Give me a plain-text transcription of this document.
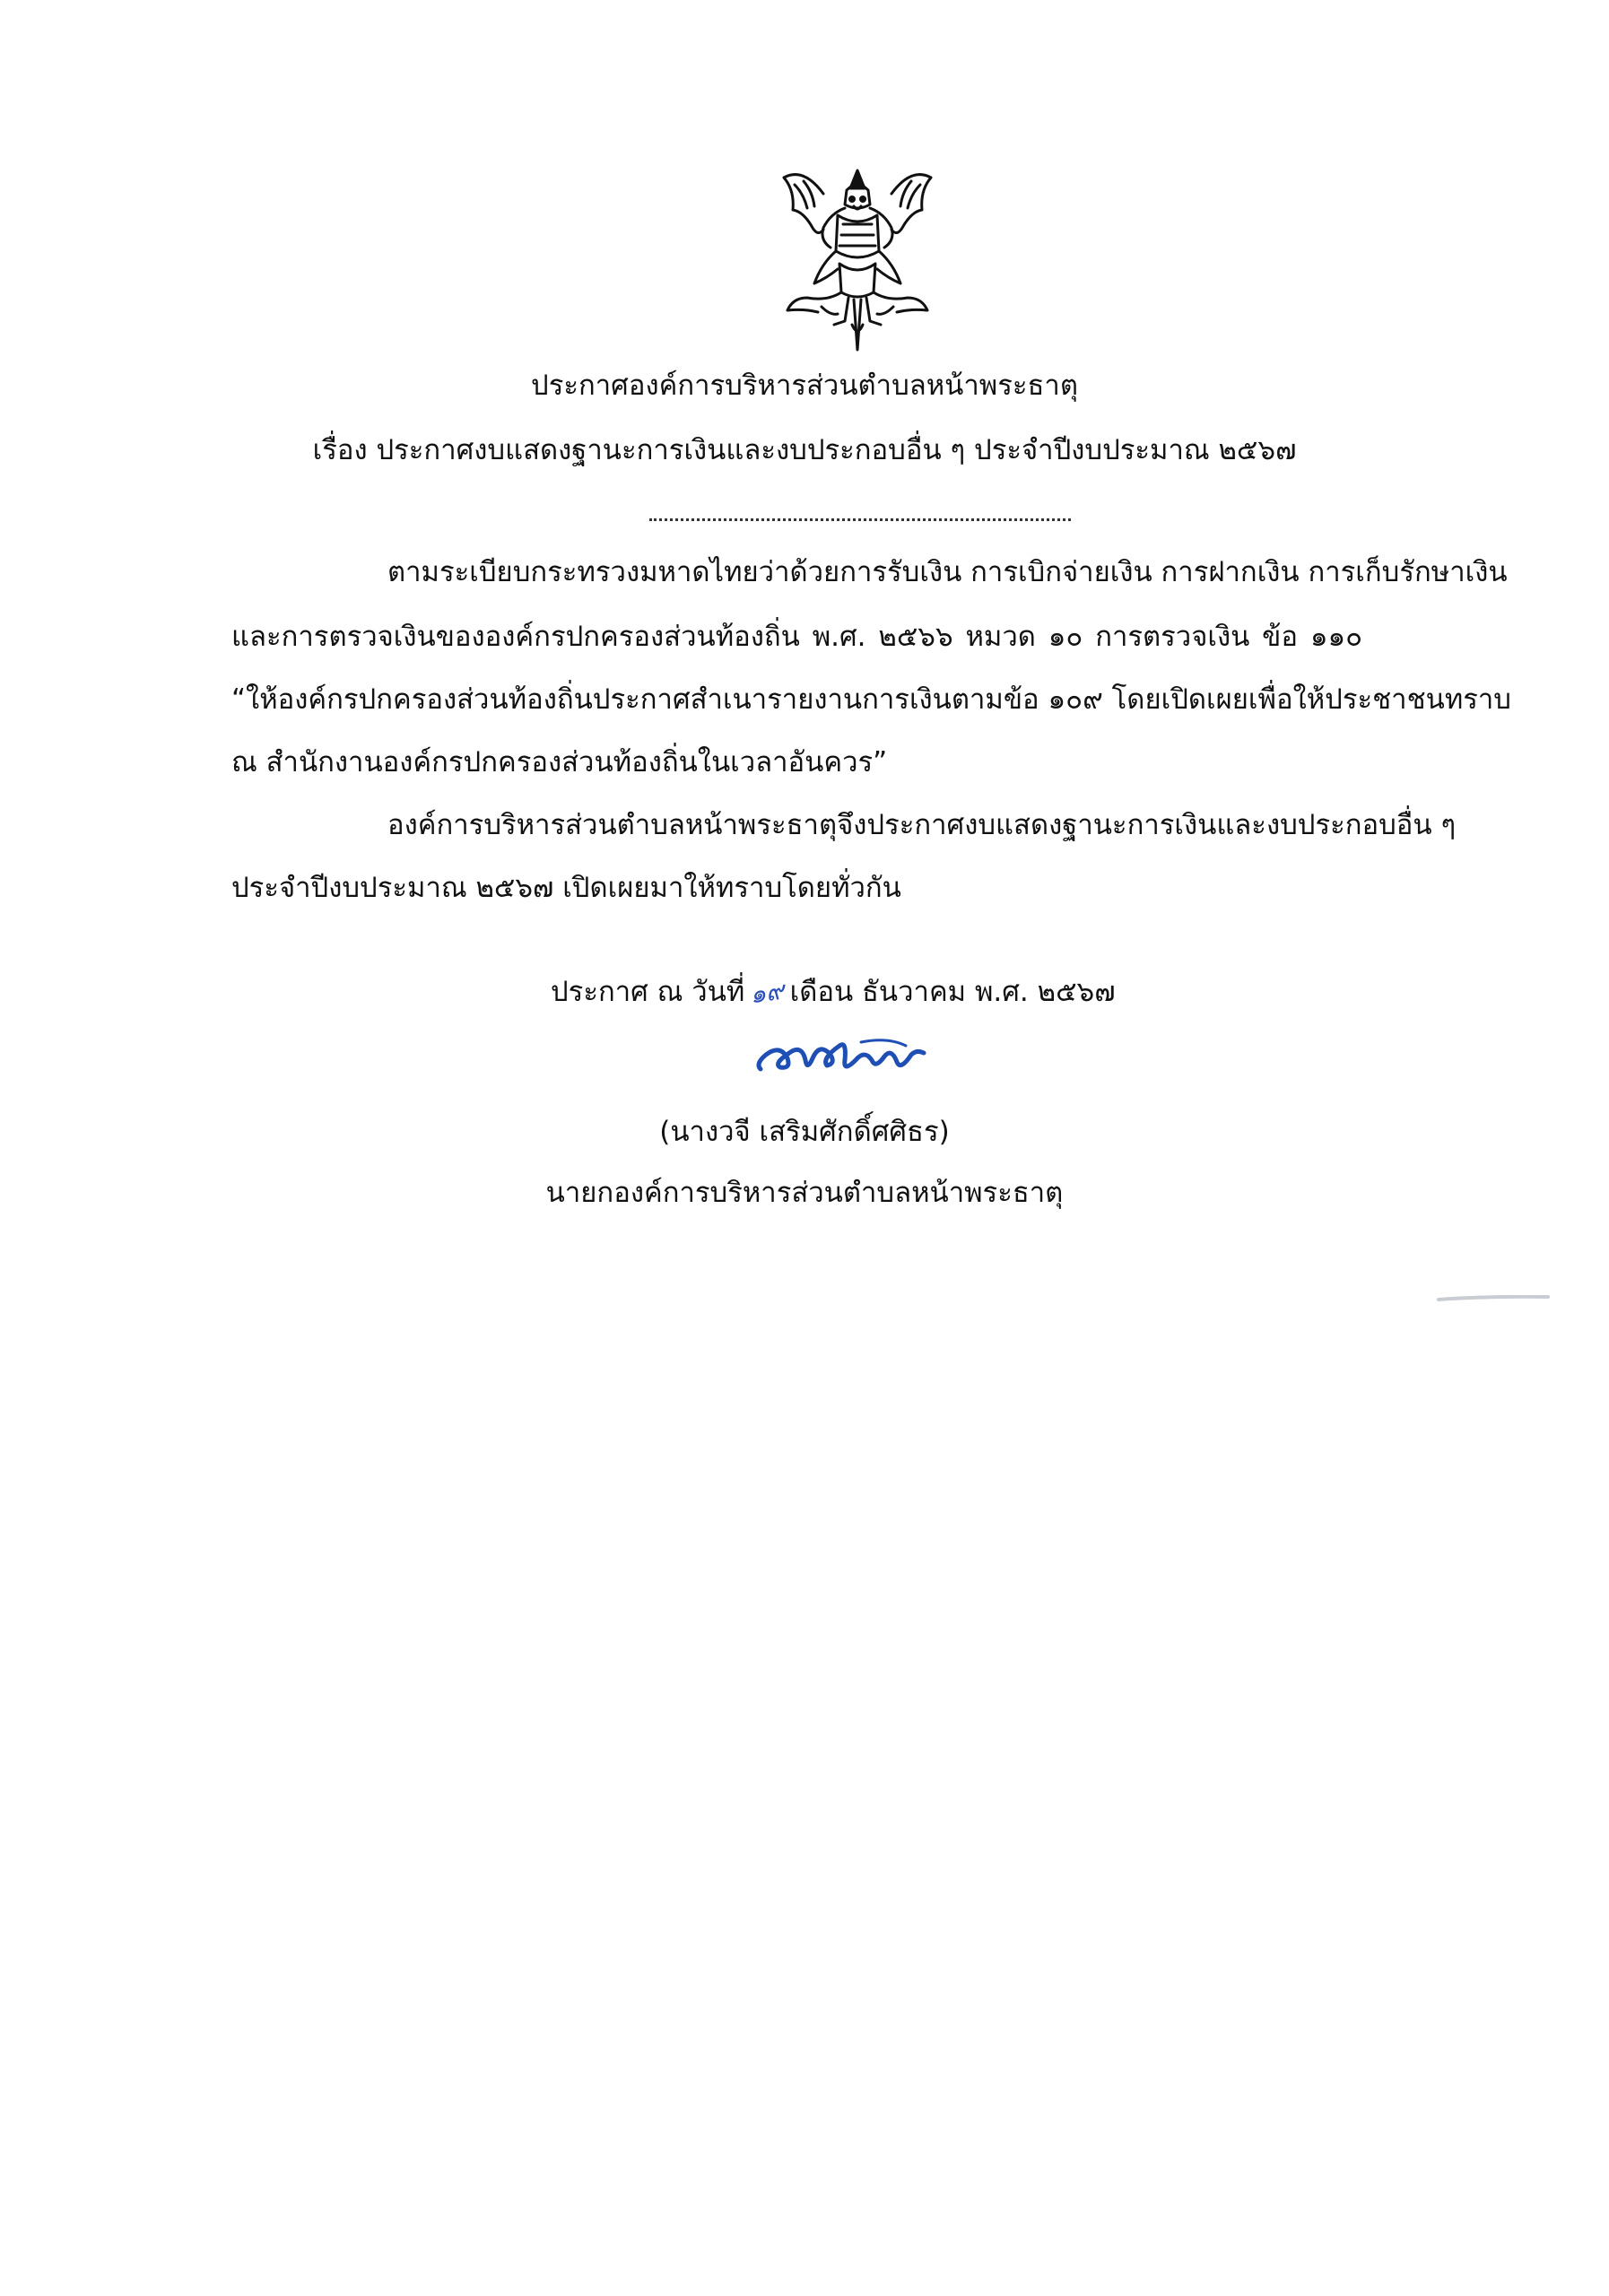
ประกาศองค์การบริหารส่วนตำบลหน้าพระธาตุ
เรื่อง ประกาศงบแสดงฐานะการเงินและงบประกอบอื่น ๆ ประจำปีงบประมาณ ๒๕๖๗
ตามระเบียบกระทรวงมหาดไทยว่าด้วยการรับเงิน การเบิกจ่ายเงิน การฝากเงิน การเก็บรักษาเงิน
และการตรวจเงินขององค์กรปกครองส่วนท้องถิ่น พ.ศ. ๒๕๖๖ หมวด ๑๐ การตรวจเงิน ข้อ ๑๑๐
“ให้องค์กรปกครองส่วนท้องถิ่นประกาศสำเนารายงานการเงินตามข้อ ๑๐๙ โดยเปิดเผยเพื่อให้ประชาชนทราบ
ณ สำนักงานองค์กรปกครองส่วนท้องถิ่นในเวลาอันควร”
องค์การบริหารส่วนตำบลหน้าพระธาตุจึงประกาศงบแสดงฐานะการเงินและงบประกอบอื่น ๆ
ประจำปีงบประมาณ ๒๕๖๗ เปิดเผยมาให้ทราบโดยทั่วกัน
ประกาศ ณ วันที่ ๑๙ เดือน ธันวาคม พ.ศ. ๒๕๖๗
(นางวจี เสริมศักดิ์ศศิธร)
นายกองค์การบริหารส่วนตำบลหน้าพระธาตุ
